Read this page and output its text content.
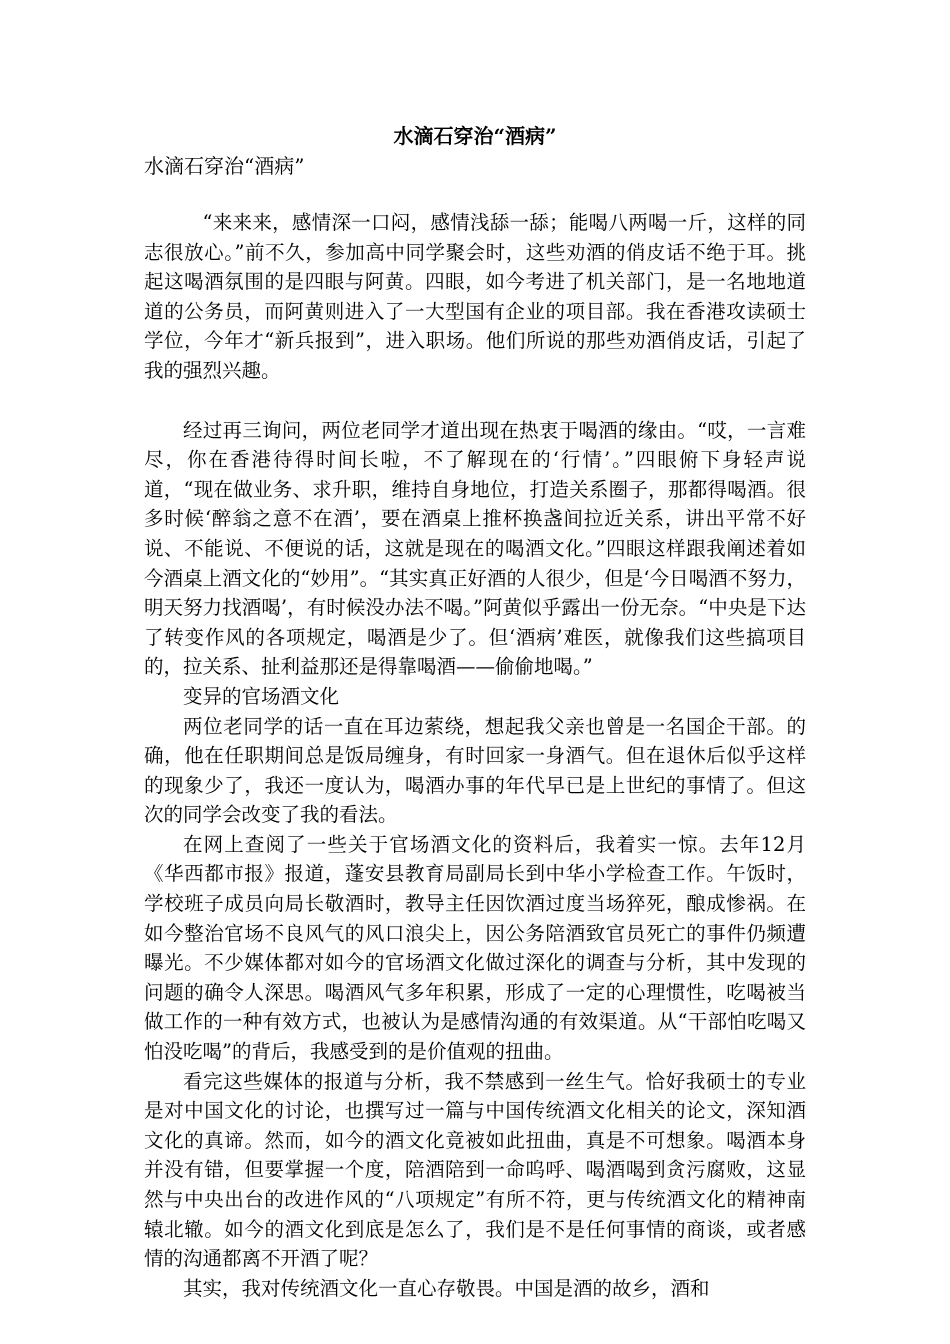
水滴石穿治“酒病”

水滴石穿治“酒病”

“来来来，感情深一口闷，感情浅舔一舔；能喝八两喝一斤，这样的同志很放心。”前不久，参加高中同学聚会时，这些劝酒的俏皮话不绝于耳。挑起这喝酒氛围的是四眼与阿黄。四眼，如今考进了机关部门，是一名地地道道的公务员，而阿黄则进入了一大型国有企业的项目部。我在香港攻读硕士学位，今年才“新兵报到”，进入职场。他们所说的那些劝酒俏皮话，引起了我的强烈兴趣。

经过再三询问，两位老同学才道出现在热衷于喝酒的缘由。“哎，一言难尽，你在香港待得时间长啦，不了解现在的‘行情’。”四眼俯下身轻声说道，“现在做业务、求升职，维持自身地位，打造关系圈子，那都得喝酒。很多时候‘醉翁之意不在酒’，要在酒桌上推杯换盏间拉近关系，讲出平常不好说、不能说、不便说的话，这就是现在的喝酒文化。”四眼这样跟我阐述着如今酒桌上酒文化的“妙用”。“其实真正好酒的人很少，但是‘今日喝酒不努力，明天努力找酒喝’，有时候没办法不喝。”阿黄似乎露出一份无奈。“中央是下达了转变作风的各项规定，喝酒是少了。但‘酒病’难医，就像我们这些搞项目的，拉关系、扯利益那还是得靠喝酒——偷偷地喝。”

变异的官场酒文化

两位老同学的话一直在耳边萦绕，想起我父亲也曾是一名国企干部。的确，他在任职期间总是饭局缠身，有时回家一身酒气。但在退休后似乎这样的现象少了，我还一度认为，喝酒办事的年代早已是上世纪的事情了。但这次的同学会改变了我的看法。

在网上查阅了一些关于官场酒文化的资料后，我着实一惊。去年12月《华西都市报》报道，蓬安县教育局副局长到中华小学检查工作。午饭时，学校班子成员向局长敬酒时，教导主任因饮酒过度当场猝死，酿成惨祸。在如今整治官场不良风气的风口浪尖上，因公务陪酒致官员死亡的事件仍频遭曝光。不少媒体都对如今的官场酒文化做过深化的调查与分析，其中发现的问题的确令人深思。喝酒风气多年积累，形成了一定的心理惯性，吃喝被当做工作的一种有效方式，也被认为是感情沟通的有效渠道。从“干部怕吃喝又怕没吃喝”的背后，我感受到的是价值观的扭曲。

看完这些媒体的报道与分析，我不禁感到一丝生气。恰好我硕士的专业是对中国文化的讨论，也撰写过一篇与中国传统酒文化相关的论文，深知酒文化的真谛。然而，如今的酒文化竟被如此扭曲，真是不可想象。喝酒本身并没有错，但要掌握一个度，陪酒陪到一命呜呼、喝酒喝到贪污腐败，这显然与中央出台的改进作风的“八项规定”有所不符，更与传统酒文化的精神南辕北辙。如今的酒文化到底是怎么了，我们是不是任何事情的商谈，或者感情的沟通都离不开酒了呢？

其实，我对传统酒文化一直心存敬畏。中国是酒的故乡，酒和
